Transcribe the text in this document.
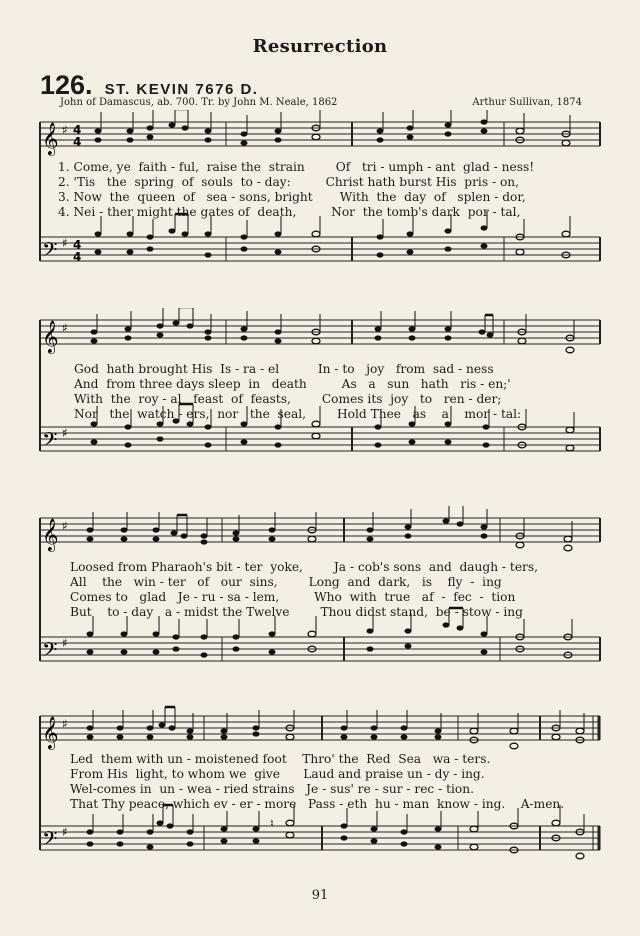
Resurrection
126. ST. KEVIN 7676 D.
John of Damascus, ab. 700. Tr. by John M. Neale, 1862	Arthur Sullivan, 1874
𝄞
𝄢
♯
♯
4
4
4
4
𝄞
𝄢
♯
♯
𝄞
𝄢
♯
♯
𝄞
𝄢
♯
♯
♮
1. Come, ye  faith - ful,  raise the  strain        Of   tri - umph - ant  glad - ness!
2. 'Tis   the  spring  of  souls  to - day:         Christ hath burst His  pris - on,
3. Now  the  queen  of   sea - sons, bright       With  the  day  of   splen - dor,
4. Nei - ther might the gates of  death,         Nor  the tomb's dark  por - tal,
God  hath brought His  Is - ra - el          In - to   joy   from  sad - ness
And  from three days sleep  in   death         As   a   sun   hath   ris - en;'
With  the  roy - al   feast  of  feasts,        Comes its  joy   to   ren - der;
Nor   the  watch - ers,  nor   the  seal,        Hold Thee   as    a    mor - tal:
Loosed from Pharaoh's bit - ter  yoke,        Ja - cob's sons  and  daugh - ters,
All    the   win - ter   of   our  sins,        Long  and  dark,   is    fly  -  ing
Comes to   glad   Je - ru - sa - lem,         Who  with  true   af  -  fec  -  tion
But    to - day   a - midst the Twelve        Thou didst stand,  be - stow - ing
Led  them with un - moistened foot    Thro' the  Red  Sea   wa - ters.
From His  light, to whom we  give      Laud and praise un - dy - ing.
Wel-comes in  un - wea - ried strains   Je - sus' re - sur - rec - tion.
That Thy peace, which ev - er - more   Pass - eth  hu - man  know - ing.    A-men.
91
